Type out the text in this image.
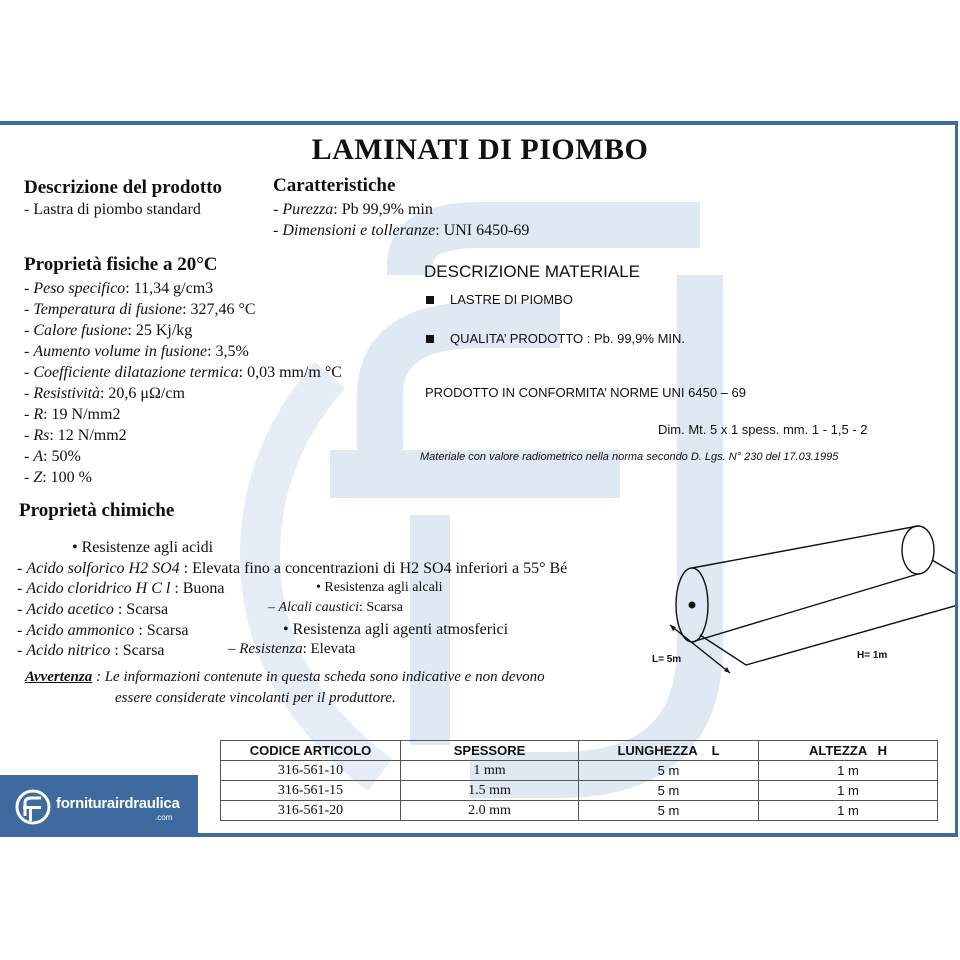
LAMINATI DI PIOMBO
Descrizione del prodotto
- Lastra di piombo standard
Caratteristiche
- Purezza: Pb 99,9% min
- Dimensioni e tolleranze: UNI 6450-69
Proprietà fisiche a 20°C
- Peso specifico: 11,34 g/cm3
- Temperatura di fusione: 327,46 °C
- Calore fusione: 25 Kj/kg
- Aumento volume in fusione: 3,5%
- Coefficiente dilatazione termica: 0,03 mm/m °C
- Resistività: 20,6 μΩ/cm
- R: 19 N/mm2
- Rs: 12 N/mm2
- A: 50%
- Z: 100 %
DESCRIZIONE MATERIALE
LASTRE DI PIOMBO
QUALITA’ PRODOTTO : Pb. 99,9% MIN.
PRODOTTO IN CONFORMITA’ NORME UNI 6450 – 69
Dim. Mt. 5 x 1 spess. mm. 1 - 1,5 - 2
Materiale con valore radiometrico nella norma secondo D. Lgs. N° 230 del 17.03.1995
Proprietà chimiche
• Resistenze agli acidi
- Acido solforico H2 SO4 : Elevata fino a concentrazioni di H2 SO4 inferiori a 55° Bé
- Acido cloridrico H C l : Buona
- Acido acetico : Scarsa
- Acido ammonico : Scarsa
- Acido nitrico : Scarsa
• Resistenza agli alcali
– Alcali caustici: Scarsa
• Resistenza agli agenti atmosferici
– Resistenza: Elevata
Avvertenza : Le informazioni contenute in questa scheda sono indicative e non devono
essere considerate vincolanti per il produttore.
L= 5m	H= 1m
CODICE ARTICOLO	SPESSORE	LUNGHEZZA    L	ALTEZZA   H
316-561-10	1 mm	5 m	1 m
316-561-15	1.5 mm	5 m	1 m
316-561-20	2.0 mm	5 m	1 m
forniturairdraulica
.com
